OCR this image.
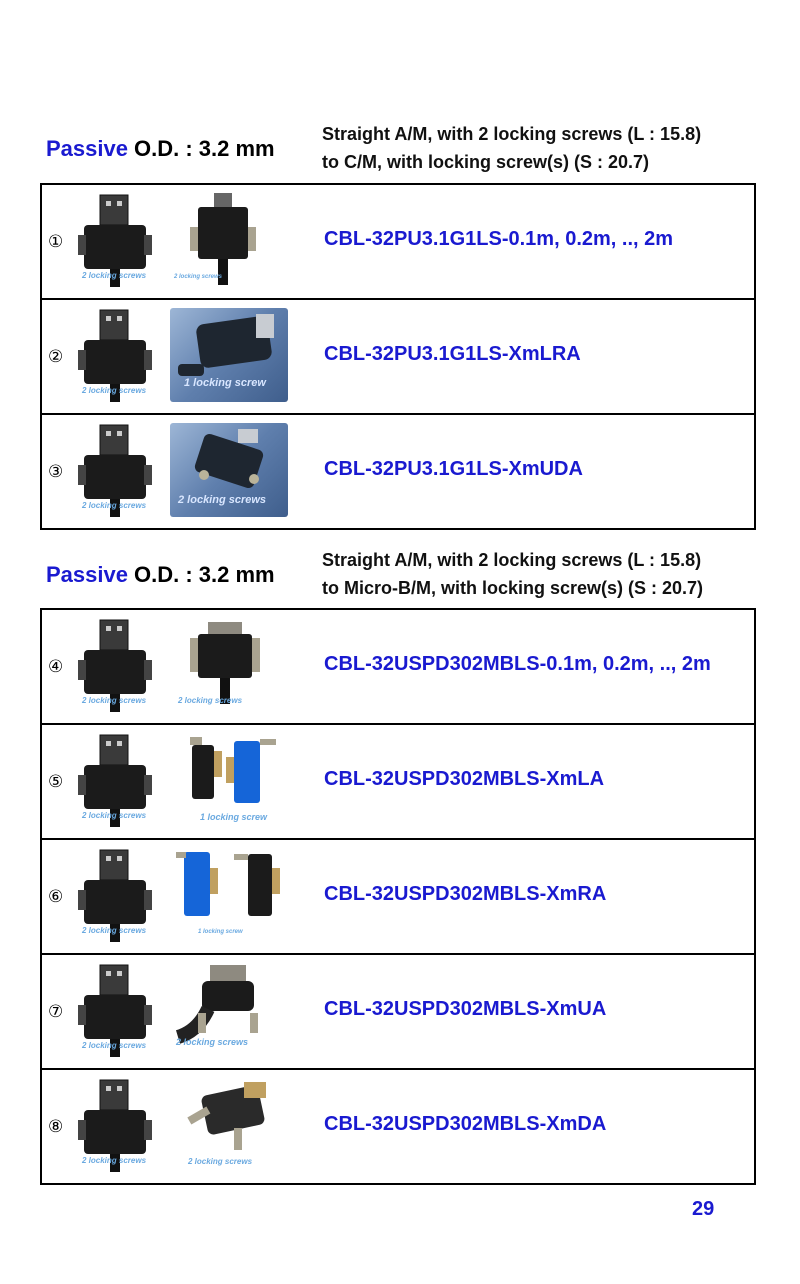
Passive O.D. : 3.2 mm
Straight A/M, with 2 locking screws (L : 15.8)
to C/M, with locking screw(s) (S : 20.7)
①
2 locking screws	2 locking screws
CBL-32PU3.1G1LS-0.1m, 0.2m, .., 2m
②
2 locking screws
1 locking screw
CBL-32PU3.1G1LS-XmLRA
③
2 locking screws	2 locking screws
CBL-32PU3.1G1LS-XmUDA
Passive O.D. : 3.2 mm
Straight A/M, with 2 locking screws (L : 15.8)
to Micro-B/M, with locking screw(s) (S : 20.7)
④
2 locking screws	2 locking screws
CBL-32USPD302MBLS-0.1m, 0.2m, .., 2m
⑤
2 locking screws	1 locking screw
CBL-32USPD302MBLS-XmLA
⑥
2 locking screws	1 locking screw
CBL-32USPD302MBLS-XmRA
⑦
2 locking screws	2 locking screws
CBL-32USPD302MBLS-XmUA
⑧
2 locking screws	2 locking screws
CBL-32USPD302MBLS-XmDA
29
